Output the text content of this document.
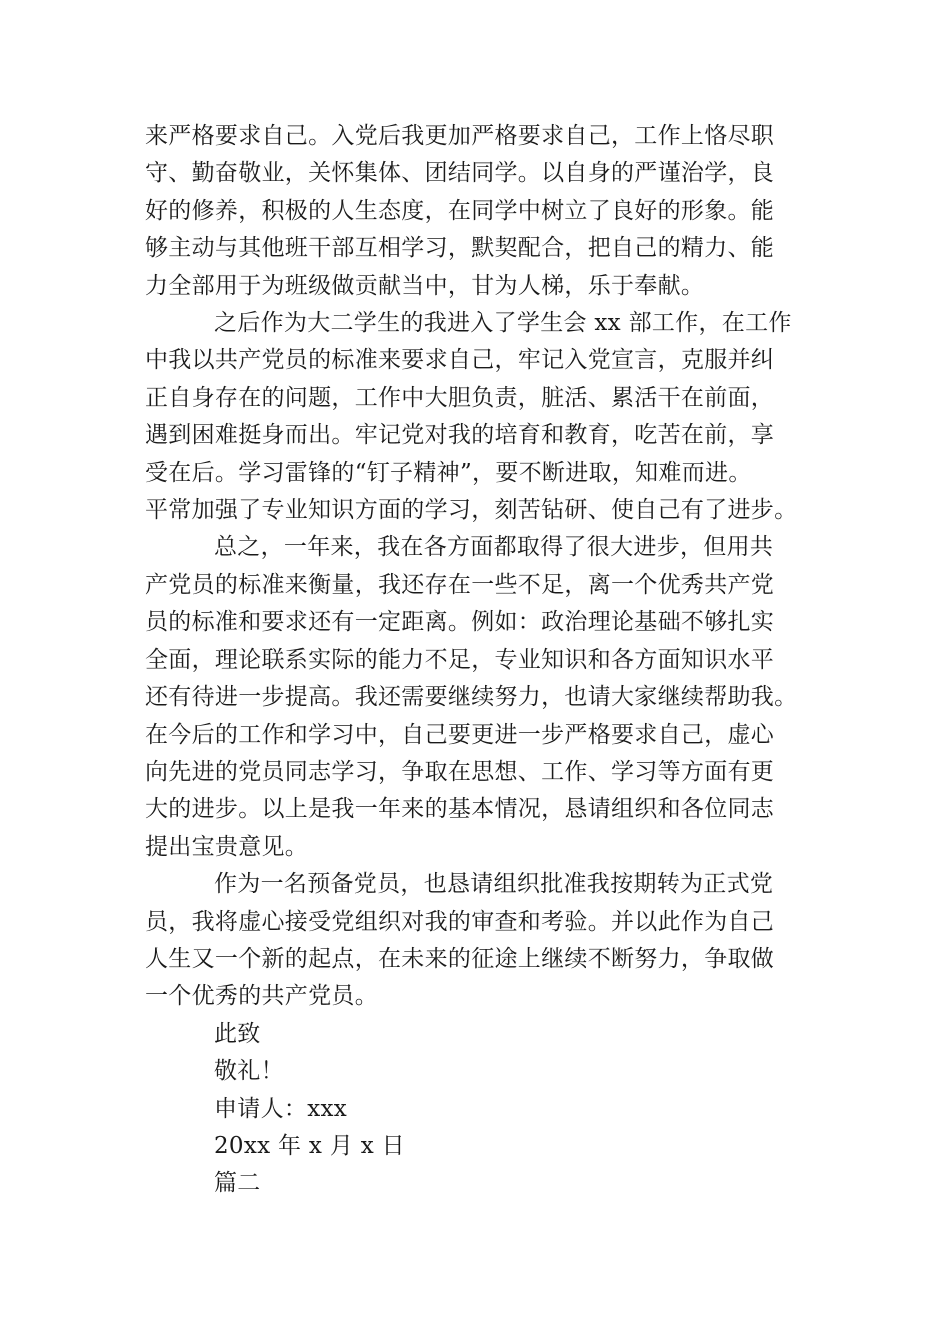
来严格要求自己。入党后我更加严格要求自己，工作上恪尽职
守、勤奋敬业，关怀集体、团结同学。以自身的严谨治学，良
好的修养，积极的人生态度，在同学中树立了良好的形象。能
够主动与其他班干部互相学习，默契配合，把自己的精力、能
力全部用于为班级做贡献当中，甘为人梯，乐于奉献。
之后作为大二学生的我进入了学生会 xx 部工作，在工作
中我以共产党员的标准来要求自己，牢记入党宣言，克服并纠
正自身存在的问题，工作中大胆负责，脏活、累活干在前面，
遇到困难挺身而出。牢记党对我的培育和教育，吃苦在前，享
受在后。学习雷锋的“钉子精神”，要不断进取，知难而进。
平常加强了专业知识方面的学习，刻苦钻研、使自己有了进步。
总之，一年来，我在各方面都取得了很大进步，但用共
产党员的标准来衡量，我还存在一些不足，离一个优秀共产党
员的标准和要求还有一定距离。例如：政治理论基础不够扎实
全面，理论联系实际的能力不足，专业知识和各方面知识水平
还有待进一步提高。我还需要继续努力，也请大家继续帮助我。
在今后的工作和学习中，自己要更进一步严格要求自己，虚心
向先进的党员同志学习，争取在思想、工作、学习等方面有更
大的进步。以上是我一年来的基本情况，恳请组织和各位同志
提出宝贵意见。
作为一名预备党员，也恳请组织批准我按期转为正式党
员，我将虚心接受党组织对我的审查和考验。并以此作为自己
人生又一个新的起点，在未来的征途上继续不断努力，争取做
一个优秀的共产党员。
此致
敬礼！
申请人：xxx
20xx 年 x 月 x 日
篇二
